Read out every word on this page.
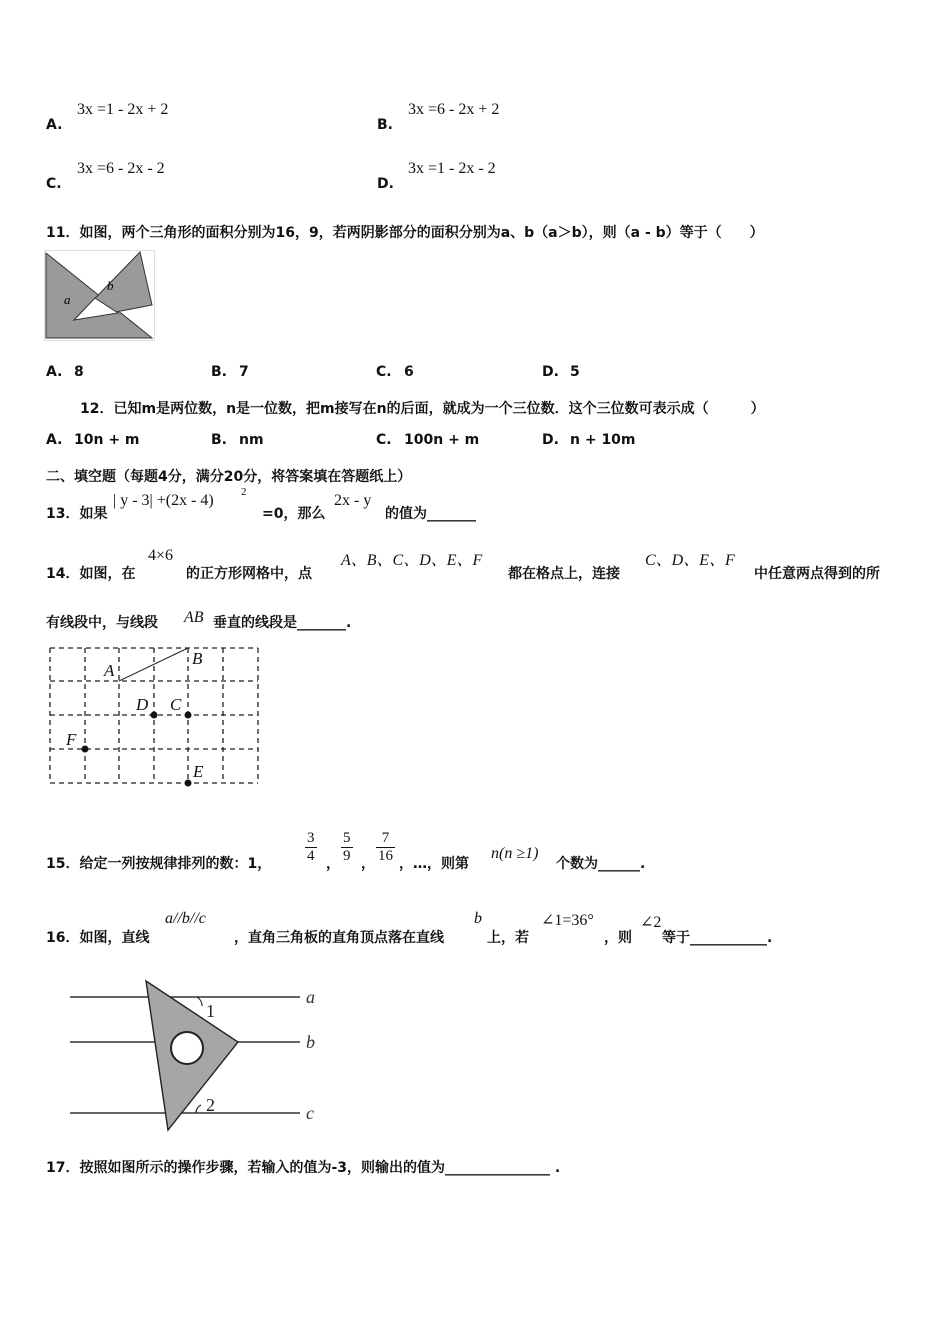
A.
3x =1 - 2x + 2
B.
3x =6 - 2x + 2
C.
3x =6 - 2x - 2
D.
3x =1 - 2x - 2
11．如图，两个三角形的面积分别为16，9，若两阴影部分的面积分别为a、b（a＞b），则（a - b）等于（　　）
a
b
A. 8	B. 7	C. 6	D. 5
12．已知m是两位数，n是一位数，把m接写在n的后面，就成为一个三位数．这个三位数可表示成（　　　）
A. 10n + m	B. nm	C. 100n + m	D. n + 10m
二、填空题（每题4分，满分20分，将答案填在答题纸上）
13．如果
| y - 3| +(2x - 4) 2
=0，那么
2x - y
的值为_______
14．如图，在
4×6
的正方形网格中，点
A、B、C、D、E、F
都在格点上，连接
C、D、E、F
中任意两点得到的所
有线段中，与线段 AB 垂直的线段是_______.
A
B
C
D
E
F
15．给定一列按规律排列的数：1， $\frac{3}{4}$ ， $\frac{5}{9}$ ， $\frac{7}{16}$ ，…，则第
n(n ≥1)
个数为______.
16．如图，直线
a//b//c
，直角三角板的直角顶点落在直线
b
上，若
∠1=36°
，则
∠2
等于___________.
1
2
a
b
c
17．按照如图所示的操作步骤，若输入的值为-3，则输出的值为_______________ .
